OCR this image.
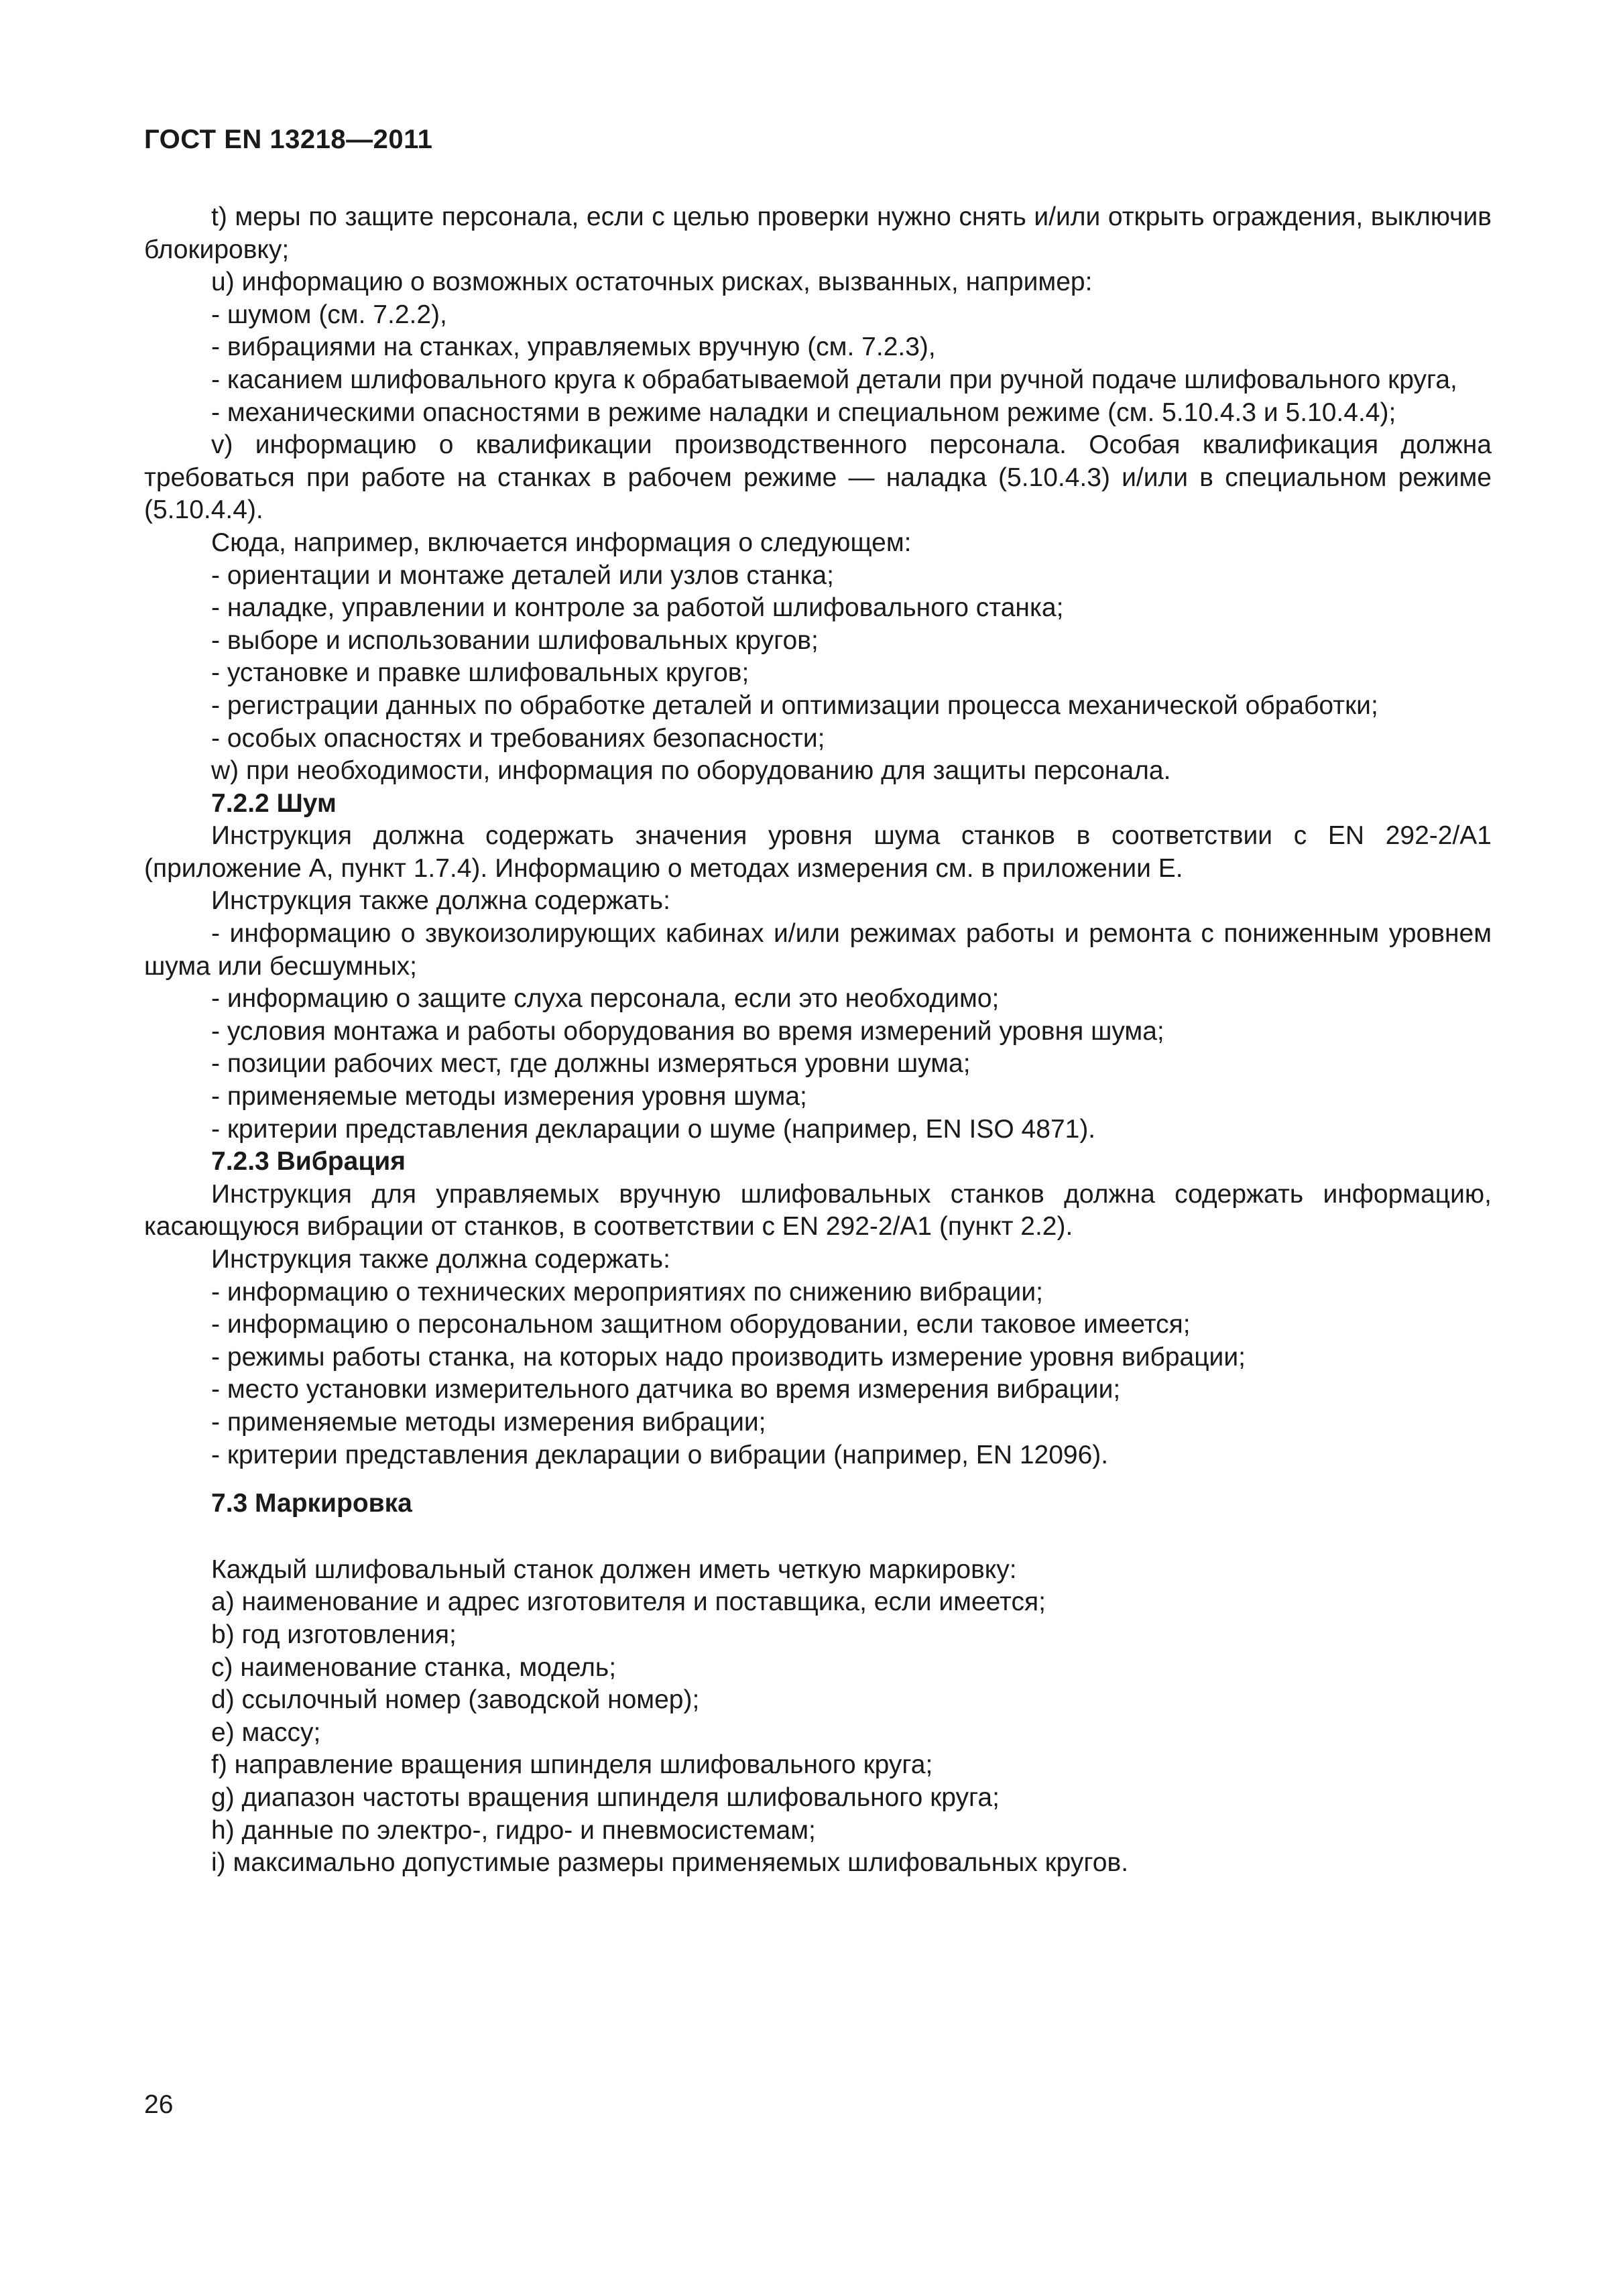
ГОСТ EN 13218—2011

t) меры по защите персонала, если с целью проверки нужно снять и/или открыть ограждения, выключив блокировку;

u) информацию о возможных остаточных рисках, вызванных, например:

- шумом (см. 7.2.2),

- вибрациями на станках, управляемых вручную (см. 7.2.3),

- касанием шлифовального круга к обрабатываемой детали при ручной подаче шлифовального круга,

- механическими опасностями в режиме наладки и специальном режиме (см. 5.10.4.3 и 5.10.4.4);

v) информацию о квалификации производственного персонала. Особая квалификация должна требоваться при работе на станках в рабочем режиме — наладка (5.10.4.3) и/или в специальном режиме (5.10.4.4).

Сюда, например, включается информация о следующем:

- ориентации и монтаже деталей или узлов станка;

- наладке, управлении и контроле за работой шлифовального станка;

- выборе и использовании шлифовальных кругов;

- установке и правке шлифовальных кругов;

- регистрации данных по обработке деталей и оптимизации процесса механической обработки;

- особых опасностях и требованиях безопасности;

w) при необходимости, информация по оборудованию для защиты персонала.

7.2.2 Шум

Инструкция должна содержать значения уровня шума станков в соответствии с EN 292-2/A1 (приложение А, пункт 1.7.4). Информацию о методах измерения см. в приложении Е.

Инструкция также должна содержать:

- информацию о звукоизолирующих кабинах и/или режимах работы и ремонта с пониженным уровнем шума или бесшумных;

- информацию о защите слуха персонала, если это необходимо;

- условия монтажа и работы оборудования во время измерений уровня шума;

- позиции рабочих мест, где должны измеряться уровни шума;

- применяемые методы измерения уровня шума;

- критерии представления декларации о шуме (например, EN ISO 4871).

7.2.3 Вибрация

Инструкция для управляемых вручную шлифовальных станков должна содержать информацию, касающуюся вибрации от станков, в соответствии с EN 292-2/A1 (пункт 2.2).

Инструкция также должна содержать:

- информацию о технических мероприятиях по снижению вибрации;

- информацию о персональном защитном оборудовании, если таковое имеется;

- режимы работы станка, на которых надо производить измерение уровня вибрации;

- место установки измерительного датчика во время измерения вибрации;

- применяемые методы измерения вибрации;

- критерии представления декларации о вибрации (например, EN 12096).

7.3 Маркировка

Каждый шлифовальный станок должен иметь четкую маркировку:

a) наименование и адрес изготовителя и поставщика, если имеется;

b) год изготовления;

c) наименование станка, модель;

d) ссылочный номер (заводской номер);

e) массу;

f) направление вращения шпинделя шлифовального круга;

g) диапазон частоты вращения шпинделя шлифовального круга;

h) данные по электро-, гидро- и пневмосистемам;

i) максимально допустимые размеры применяемых шлифовальных кругов.

26
